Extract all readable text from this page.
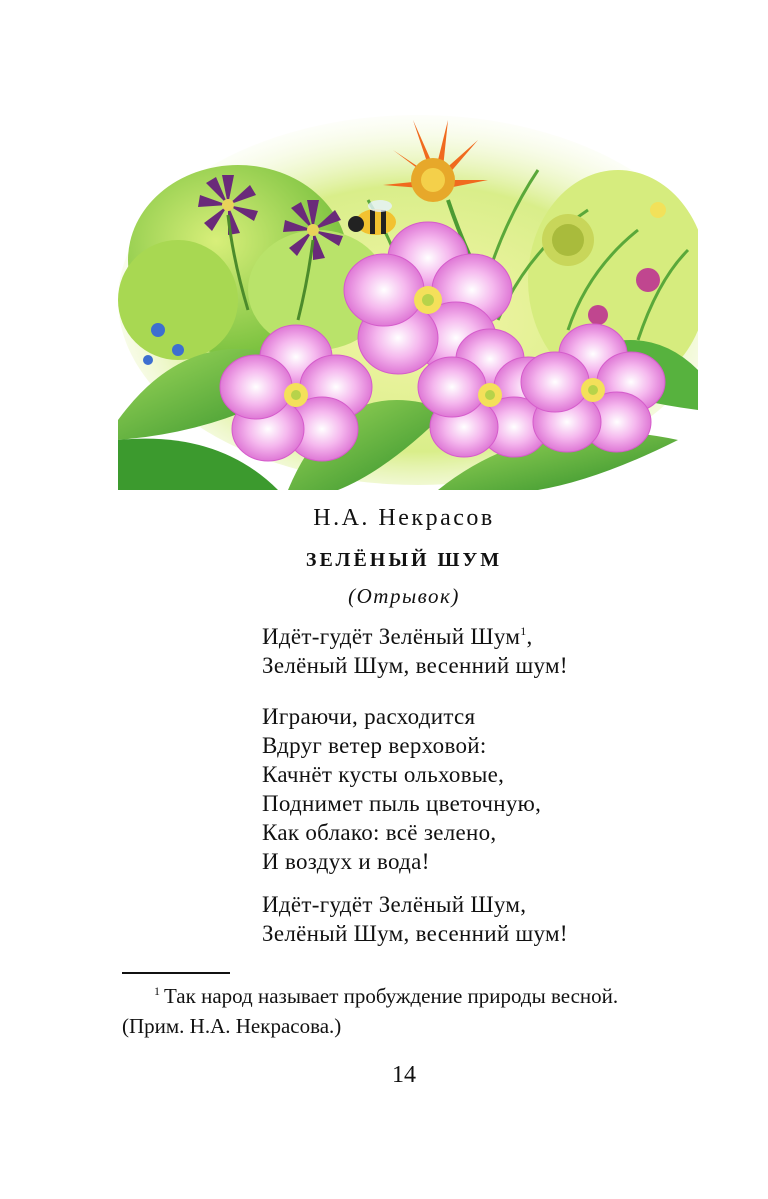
Н.А. Некрасов
ЗЕЛЁНЫЙ ШУМ
(Отрывок)
Идёт-гудёт Зелёный Шум$^1$,
Зелёный Шум, весенний шум!
Играючи, расходится
Вдруг ветер верховой:
Качнёт кусты ольховые,
Поднимет пыль цветочную,
Как облако: всё зелено,
И воздух и вода!
Идёт-гудёт Зелёный Шум,
Зелёный Шум, весенний шум!
$^1$ Так народ называет пробуждение природы весной.
(Прим. Н.А. Некрасова.)
14
